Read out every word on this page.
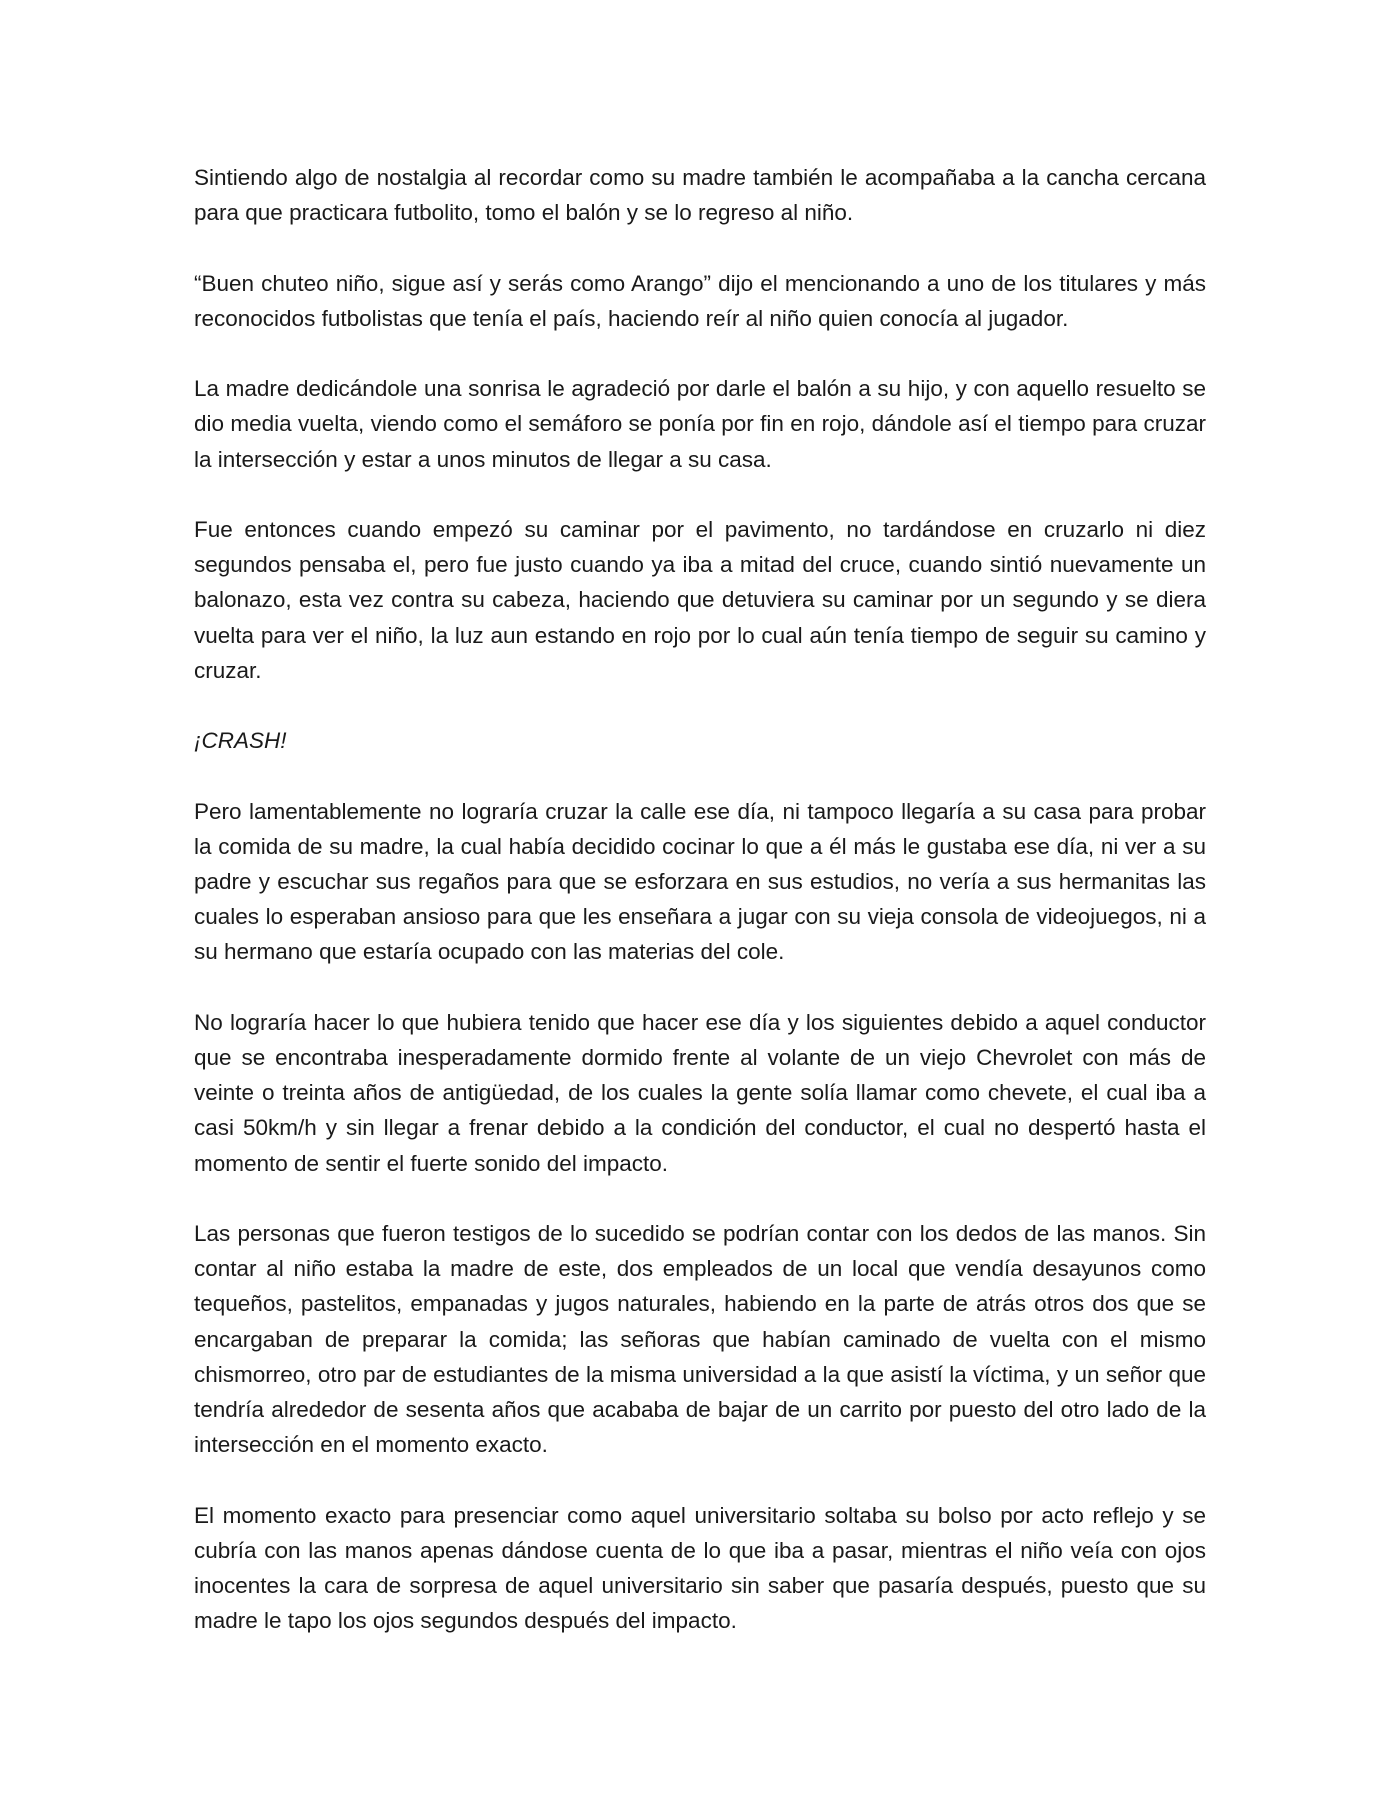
Sintiendo algo de nostalgia al recordar como su madre también le acompañaba a la cancha cercana para que practicara futbolito, tomo el balón y se lo regreso al niño.

“Buen chuteo niño, sigue así y serás como Arango” dijo el mencionando a uno de los titulares y más reconocidos futbolistas que tenía el país, haciendo reír al niño quien conocía al jugador.

La madre dedicándole una sonrisa le agradeció por darle el balón a su hijo, y con aquello resuelto se dio media vuelta, viendo como el semáforo se ponía por fin en rojo, dándole así el tiempo para cruzar la intersección y estar a unos minutos de llegar a su casa.

Fue entonces cuando empezó su caminar por el pavimento, no tardándose en cruzarlo ni diez segundos pensaba el, pero fue justo cuando ya iba a mitad del cruce, cuando sintió nuevamente un balonazo, esta vez contra su cabeza, haciendo que detuviera su caminar por un segundo y se diera vuelta para ver el niño, la luz aun estando en rojo por lo cual aún tenía tiempo de seguir su camino y cruzar.

¡CRASH!

Pero lamentablemente no lograría cruzar la calle ese día, ni tampoco llegaría a su casa para probar la comida de su madre, la cual había decidido cocinar lo que a él más le gustaba ese día, ni ver a su padre y escuchar sus regaños para que se esforzara en sus estudios, no vería a sus hermanitas las cuales lo esperaban ansioso para que les enseñara a jugar con su vieja consola de videojuegos, ni a su hermano que estaría ocupado con las materias del cole.

No lograría hacer lo que hubiera tenido que hacer ese día y los siguientes debido a aquel conductor que se encontraba inesperadamente dormido frente al volante de un viejo Chevrolet con más de veinte o treinta años de antigüedad, de los cuales la gente solía llamar como chevete, el cual iba a casi 50km/h y sin llegar a frenar debido a la condición del conductor, el cual no despertó hasta el momento de sentir el fuerte sonido del impacto.

Las personas que fueron testigos de lo sucedido se podrían contar con los dedos de las manos. Sin contar al niño estaba la madre de este, dos empleados de un local que vendía desayunos como tequeños, pastelitos, empanadas y jugos naturales, habiendo en la parte de atrás otros dos que se encargaban de preparar la comida; las señoras que habían caminado de vuelta con el mismo chismorreo, otro par de estudiantes de la misma universidad a la que asistí la víctima, y un señor que tendría alrededor de sesenta años que acababa de bajar de un carrito por puesto del otro lado de la intersección en el momento exacto.

El momento exacto para presenciar como aquel universitario soltaba su bolso por acto reflejo y se cubría con las manos apenas dándose cuenta de lo que iba a pasar, mientras el niño veía con ojos inocentes la cara de sorpresa de aquel universitario sin saber que pasaría después, puesto que su madre le tapo los ojos segundos después del impacto.
